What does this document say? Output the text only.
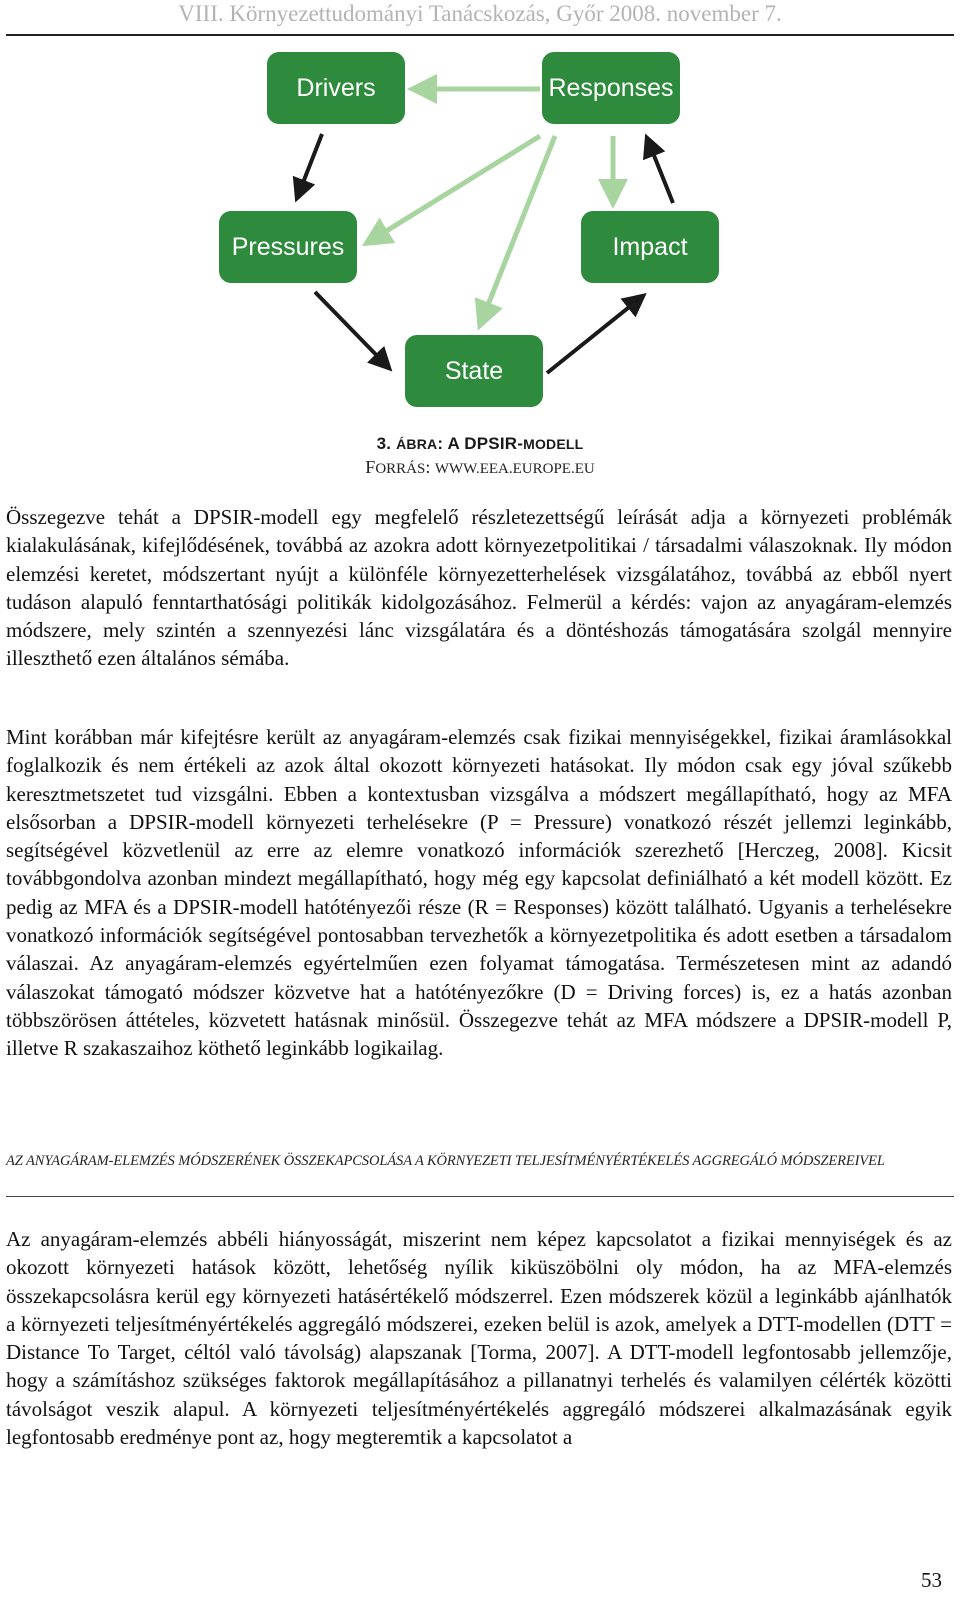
VIII. Környezettudományi Tanácskozás, Győr 2008. november 7.
Drivers	Responses
Pressures	Impact
State
3. ÁBRA: A DPSIR-MODELL
FORRÁS: WWW.EEA.EUROPE.EU

Összegezve tehát a DPSIR-modell egy megfelelő részletezettségű leírását adja a környezeti problémák kialakulásának, kifejlődésének, továbbá az azokra adott környezetpolitikai / társadalmi válaszoknak. Ily módon elemzési keretet, módszertant nyújt a különféle környezetterhelések vizsgálatához, továbbá az ebből nyert tudáson alapuló fenntarthatósági politikák kidolgozásához. Felmerül a kérdés: vajon az anyagáram-elemzés módszere, mely szintén a szennyezési lánc vizsgálatára és a döntéshozás támogatására szolgál mennyire illeszthető ezen általános sémába.

Mint korábban már kifejtésre került az anyagáram-elemzés csak fizikai mennyiségekkel, fizikai áramlásokkal foglalkozik és nem értékeli az azok által okozott környezeti hatásokat. Ily módon csak egy jóval szűkebb keresztmetszetet tud vizsgálni. Ebben a kontextusban vizsgálva a módszert megállapítható, hogy az MFA elsősorban a DPSIR-modell környezeti terhelésekre (P = Pressure) vonatkozó részét jellemzi leginkább, segítségével közvetlenül az erre az elemre vonatkozó információk szerezhető [Herczeg, 2008]. Kicsit továbbgondolva azonban mindezt megállapítható, hogy még egy kapcsolat definiálható a két modell között. Ez pedig az MFA és a DPSIR-modell hatótényezői része (R = Responses) között található. Ugyanis a terhelésekre vonatkozó információk segítségével pontosabban tervezhetők a környezetpolitika és adott esetben a társadalom válaszai. Az anyagáram-elemzés egyértelműen ezen folyamat támogatása. Természetesen mint az adandó válaszokat támogató módszer közvetve hat a hatótényezőkre (D = Driving forces) is, ez a hatás azonban többszörösen áttételes, közvetett hatásnak minősül. Összegezve tehát az MFA módszere a DPSIR-modell P, illetve R szakaszaihoz köthető leginkább logikailag.

AZ ANYAGÁRAM-ELEMZÉS MÓDSZERÉNEK ÖSSZEKAPCSOLÁSA A KÖRNYEZETI TELJESÍTMÉNYÉRTÉKELÉS AGGREGÁLÓ MÓDSZEREIVEL

Az anyagáram-elemzés abbéli hiányosságát, miszerint nem képez kapcsolatot a fizikai mennyiségek és az okozott környezeti hatások között, lehetőség nyílik kiküszöbölni oly módon, ha az MFA-elemzés összekapcsolásra kerül egy környezeti hatásértékelő módszerrel. Ezen módszerek közül a leginkább ajánlhatók a környezeti teljesítményértékelés aggregáló módszerei, ezeken belül is azok, amelyek a DTT-modellen (DTT = Distance To Target, céltól való távolság) alapszanak [Torma, 2007]. A DTT-modell legfontosabb jellemzője, hogy a számításhoz szükséges faktorok megállapításához a pillanatnyi terhelés és valamilyen célérték közötti távolságot veszik alapul. A környezeti teljesítményértékelés aggregáló módszerei alkalmazásának egyik legfontosabb eredménye pont az, hogy megteremtik a kapcsolatot a

53
